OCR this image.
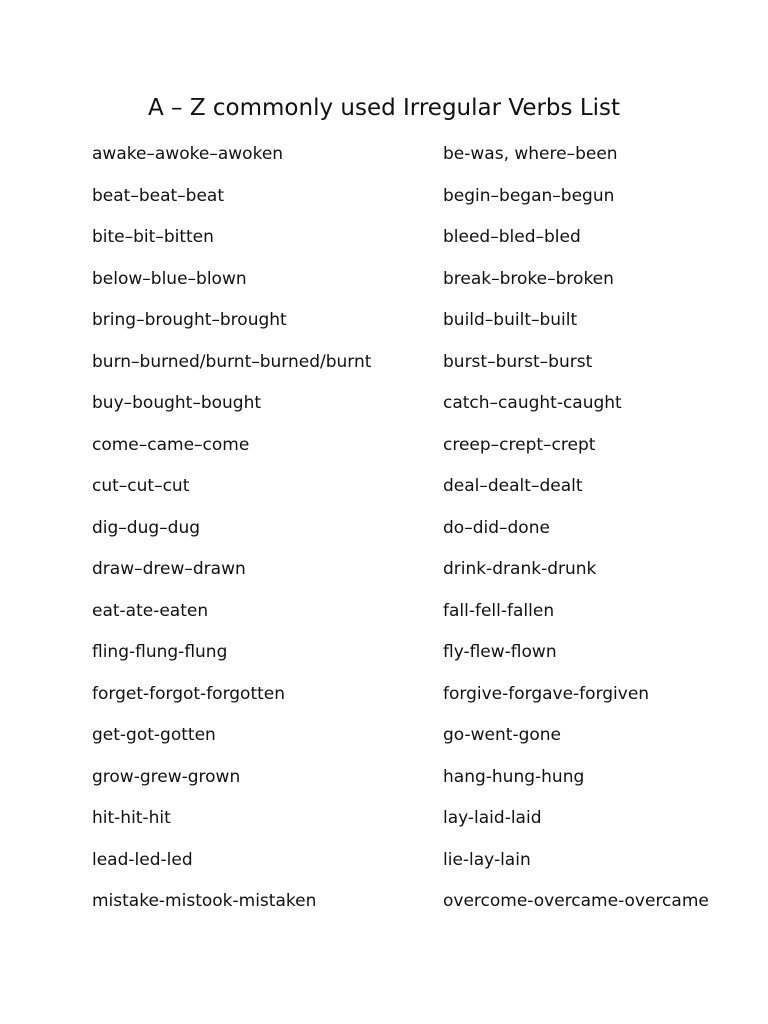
A – Z commonly used Irregular Verbs List
awake–awoke–awoken	be-was, where–been
beat–beat–beat	begin–began–begun
bite–bit–bitten	bleed–bled–bled
below–blue–blown	break–broke–broken
bring–brought–brought	build–built–built
burn–burned/burnt–burned/burnt	burst–burst–burst
buy–bought–bought	catch–caught-caught
come–came–come	creep–crept–crept
cut–cut–cut	deal–dealt–dealt
dig–dug–dug	do–did–done
draw–drew–drawn	drink-drank-drunk
eat-ate-eaten	fall-fell-fallen
fling-flung-flung	fly-flew-flown
forget-forgot-forgotten	forgive-forgave-forgiven
get-got-gotten	go-went-gone
grow-grew-grown	hang-hung-hung
hit-hit-hit	lay-laid-laid
lead-led-led	lie-lay-lain
mistake-mistook-mistaken	overcome-overcame-overcame
